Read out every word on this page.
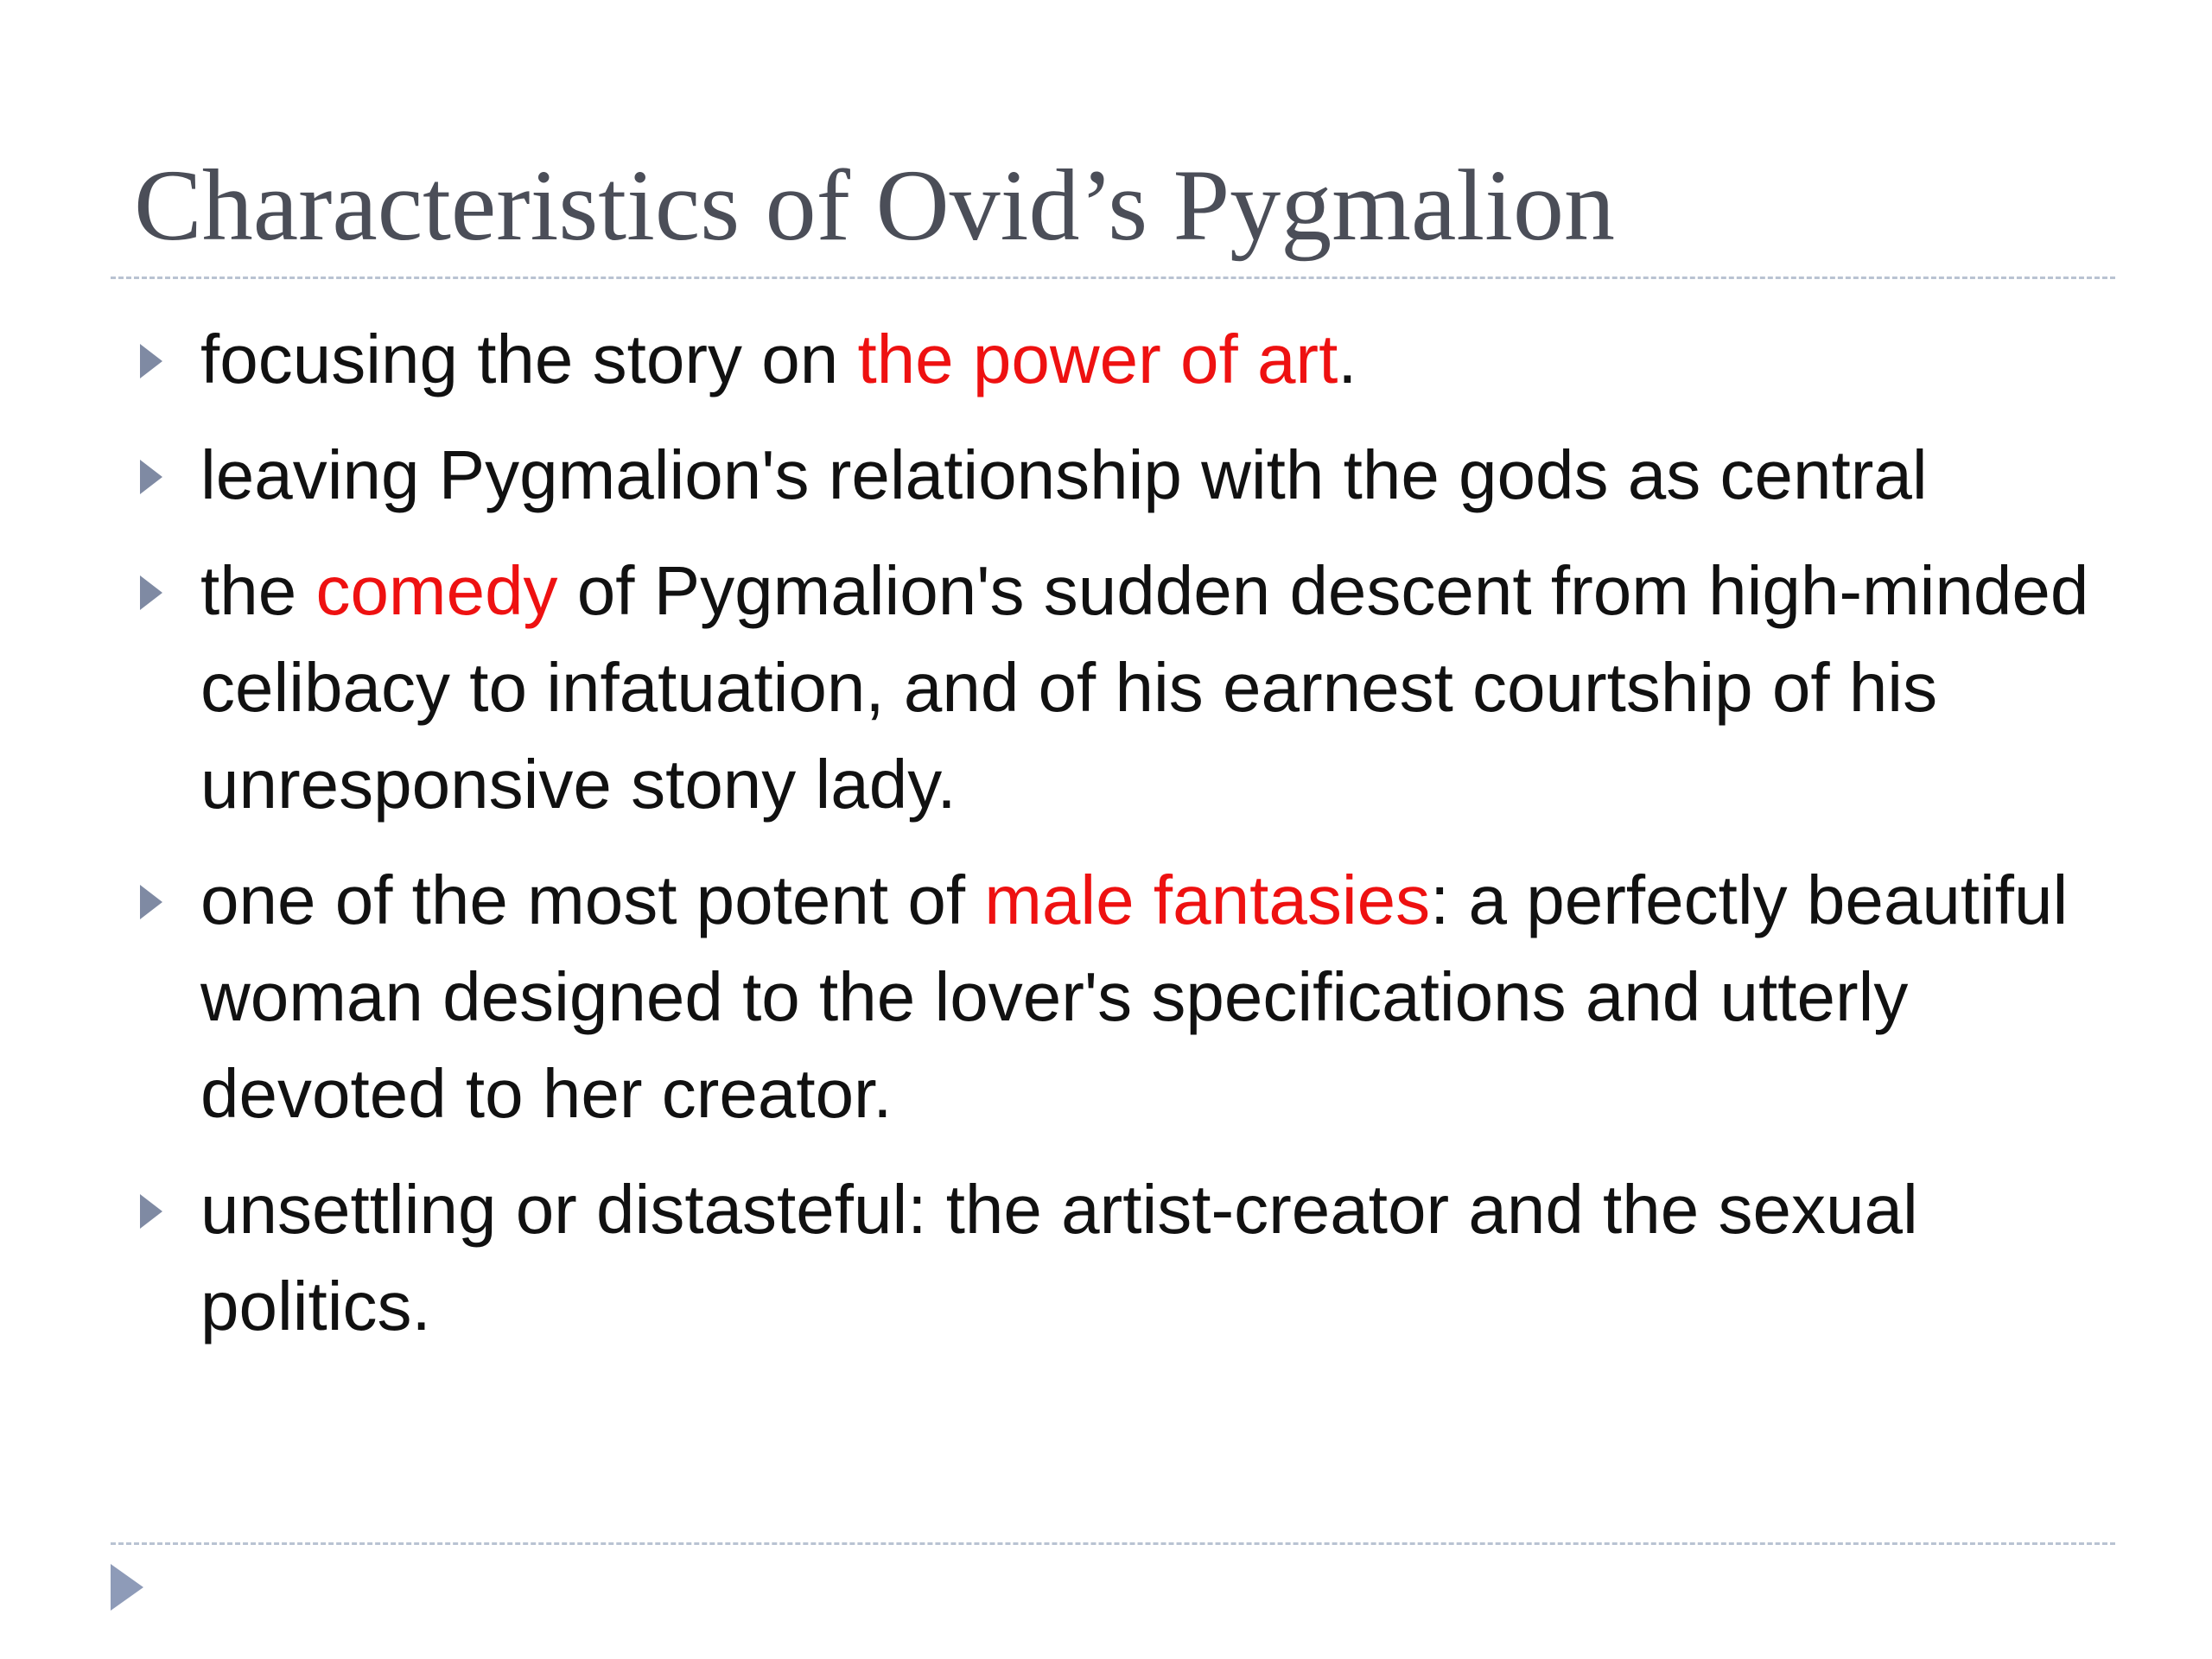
Characteristics of Ovid’s Pygmalion
focusing the story on the power of art.
leaving Pygmalion's relationship with the gods as central
the comedy of Pygmalion's sudden descent from high-minded celibacy to infatuation, and of his earnest courtship of his unresponsive stony lady.
one of the most potent of male fantasies: a perfectly beautiful woman designed to the lover's specifications and utterly devoted to her creator.
unsettling or distasteful: the artist-creator and the sexual politics.
